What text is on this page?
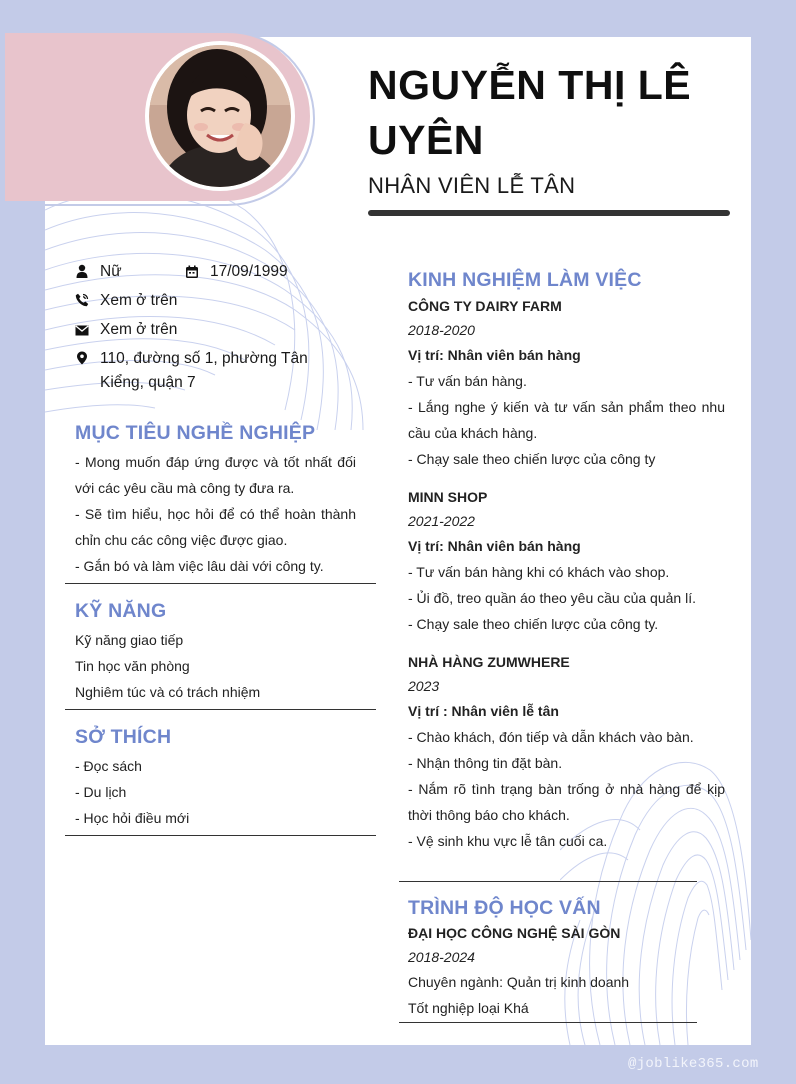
NGUYỄN THỊ LÊ
UYÊN
NHÂN VIÊN LỄ TÂN
Nữ	17/09/1999
Xem ở trên
Xem ở trên
110, đường số 1, phường Tân
Kiểng, quận 7
MỤC TIÊU NGHỀ NGHIỆP
- Mong muốn đáp ứng được và tốt nhất đối
với các yêu cầu mà công ty đưa ra.
- Sẽ tìm hiểu, học hỏi để có thể hoàn thành
chỉn chu các công việc được giao.
- Gắn bó và làm việc lâu dài với công ty.
KỸ NĂNG
Kỹ năng giao tiếp
Tin học văn phòng
Nghiêm túc và có trách nhiệm
SỞ THÍCH
- Đọc sách
- Du lịch
- Học hỏi điều mới
KINH NGHIỆM LÀM VIỆC
CÔNG TY DAIRY FARM
2018-2020
Vị trí: Nhân viên bán hàng
- Tư vấn bán hàng.
- Lắng nghe ý kiến và tư vấn sản phẩm theo nhu
cầu của khách hàng.
- Chạy sale theo chiến lược của công ty
MINN SHOP
2021-2022
Vị trí: Nhân viên bán hàng
- Tư vấn bán hàng khi có khách vào shop.
- Ủi đồ, treo quần áo theo yêu cầu của quản lí.
- Chạy sale theo chiến lược của công ty.
NHÀ HÀNG ZUMWHERE
2023
Vị trí : Nhân viên lễ tân
- Chào khách, đón tiếp và dẫn khách vào bàn.
- Nhận thông tin đặt bàn.
- Nắm rõ tình trạng bàn trống ở nhà hàng để kịp
thời thông báo cho khách.
- Vệ sinh khu vực lễ tân cuối ca.
TRÌNH ĐỘ HỌC VẤN
ĐẠI HỌC CÔNG NGHỆ SÀI GÒN
2018-2024
Chuyên ngành: Quản trị kinh doanh
Tốt nghiệp loại Khá
@joblike365.com
